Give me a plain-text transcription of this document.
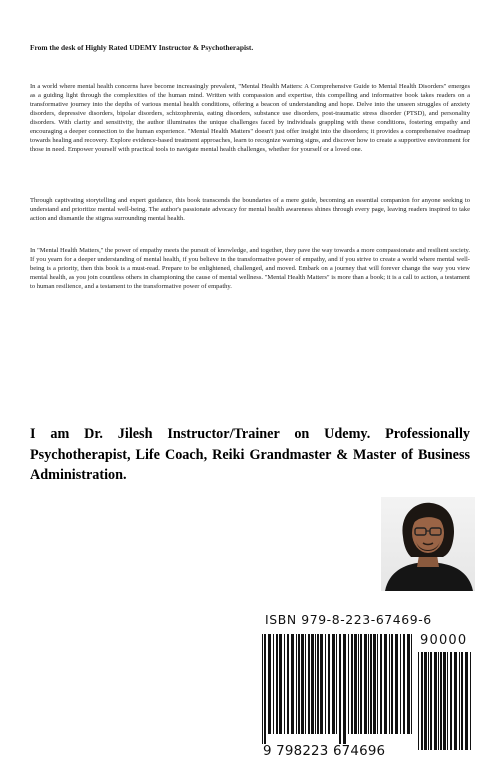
From the desk of Highly Rated UDEMY Instructor & Psychotherapist.

In a world where mental health concerns have become increasingly prevalent, "Mental Health Matters: A Comprehensive Guide to Mental Health Disorders" emerges as a guiding light through the complexities of the human mind. Written with compassion and expertise, this compelling and informative book takes readers on a transformative journey into the depths of various mental health conditions, offering a beacon of understanding and hope. Delve into the unseen struggles of anxiety disorders, depressive disorders, bipolar disorders, schizophrenia, eating disorders, substance use disorders, post-traumatic stress disorder (PTSD), and personality disorders. With clarity and sensitivity, the author illuminates the unique challenges faced by individuals grappling with these conditions, fostering empathy and encouraging a deeper connection to the human experience. "Mental Health Matters" doesn't just offer insight into the disorders; it provides a comprehensive roadmap towards healing and recovery. Explore evidence-based treatment approaches, learn to recognize warning signs, and discover how to create a supportive environment for those in need. Empower yourself with practical tools to navigate mental health challenges, whether for yourself or a loved one.

Through captivating storytelling and expert guidance, this book transcends the boundaries of a mere guide, becoming an essential companion for anyone seeking to understand and prioritize mental well-being. The author's passionate advocacy for mental health awareness shines through every page, leaving readers inspired to take action and dismantle the stigma surrounding mental health.

In "Mental Health Matters," the power of empathy meets the pursuit of knowledge, and together, they pave the way towards a more compassionate and resilient society. If you yearn for a deeper understanding of mental health, if you believe in the transformative power of empathy, and if you strive to create a world where mental well-being is a priority, then this book is a must-read. Prepare to be enlightened, challenged, and moved. Embark on a journey that will forever change the way you view mental health, as you join countless others in championing the cause of mental wellness. "Mental Health Matters" is more than a book; it is a call to action, a testament to human resilience, and a testament to the transformative power of empathy.

I am Dr. Jilesh Instructor/Trainer on Udemy. Professionally Psychotherapist, Life Coach, Reiki Grandmaster & Master of Business Administration.
ISBN 979-8-223-67469-6
90000
9 798223 674696
